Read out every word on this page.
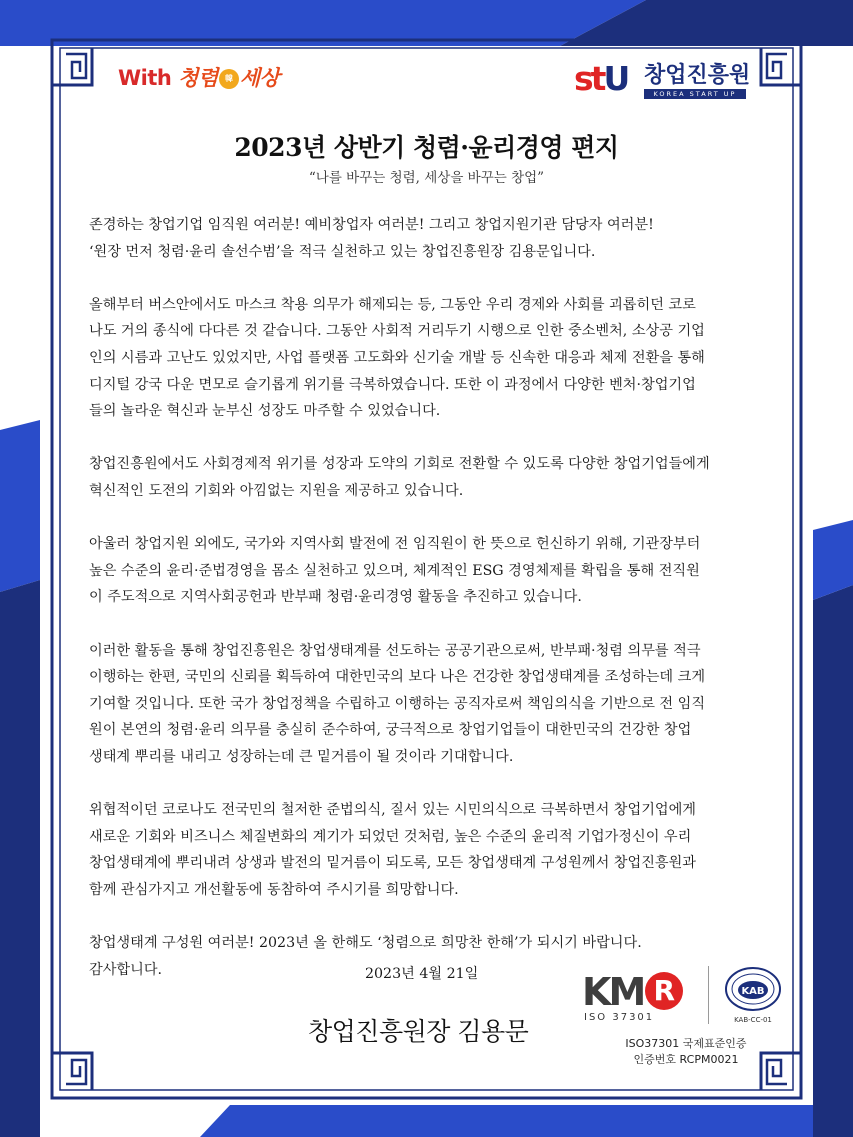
With 청렴 韓 세상	stU 창업진흥원
KOREA START UP
2023년 상반기 청렴·윤리경영 편지
“나를 바꾸는 청렴, 세상을 바꾸는 창업”

존경하는 창업기업 임직원 여러분! 예비창업자 여러분! 그리고 창업지원기관 담당자 여러분!
‘원장 먼저 청렴·윤리 솔선수범’을 적극 실천하고 있는 창업진흥원장 김용문입니다.

올해부터 버스안에서도 마스크 착용 의무가 해제되는 등, 그동안 우리 경제와 사회를 괴롭히던 코로
나도 거의 종식에 다다른 것 같습니다. 그동안 사회적 거리두기 시행으로 인한 중소벤처, 소상공 기업
인의 시름과 고난도 있었지만, 사업 플랫폼 고도화와 신기술 개발 등 신속한 대응과 체제 전환을 통해
디지털 강국 다운 면모로 슬기롭게 위기를 극복하였습니다. 또한 이 과정에서 다양한 벤처·창업기업
들의 놀라운 혁신과 눈부신 성장도 마주할 수 있었습니다.

창업진흥원에서도 사회경제적 위기를 성장과 도약의 기회로 전환할 수 있도록 다양한 창업기업들에게
혁신적인 도전의 기회와 아낌없는 지원을 제공하고 있습니다.

아울러 창업지원 외에도, 국가와 지역사회 발전에 전 임직원이 한 뜻으로 헌신하기 위해, 기관장부터
높은 수준의 윤리·준법경영을 몸소 실천하고 있으며, 체계적인 ESG 경영체제를 확립을 통해 전직원
이 주도적으로 지역사회공헌과 반부패 청렴·윤리경영 활동을 추진하고 있습니다.

이러한 활동을 통해 창업진흥원은 창업생태계를 선도하는 공공기관으로써, 반부패·청렴 의무를 적극
이행하는 한편, 국민의 신뢰를 획득하여 대한민국의 보다 나은 건강한 창업생태계를 조성하는데 크게
기여할 것입니다. 또한 국가 창업정책을 수립하고 이행하는 공직자로써 책임의식을 기반으로 전 임직
원이 본연의 청렴·윤리 의무를 충실히 준수하여, 궁극적으로 창업기업들이 대한민국의 건강한 창업
생태계 뿌리를 내리고 성장하는데 큰 밑거름이 될 것이라 기대합니다.

위협적이던 코로나도 전국민의 철저한 준법의식, 질서 있는 시민의식으로 극복하면서 창업기업에게
새로운 기회와 비즈니스 체질변화의 계기가 되었던 것처럼, 높은 수준의 윤리적 기업가정신이 우리
창업생태계에 뿌리내려 상생과 발전의 밑거름이 되도록, 모든 창업생태계 구성원께서 창업진흥원과
함께 관심가지고 개선활동에 동참하여 주시기를 희망합니다.

창업생태계 구성원 여러분! 2023년 올 한해도 ‘청렴으로 희망찬 한해’가 되시기 바랍니다.
감사합니다.	2023년 4월 21일
창업진흥원장 김용문
KM R
ISO 37301
KAB
KAB-CC-01
ISO37301 국제표준인증
인증번호 RCPM0021
